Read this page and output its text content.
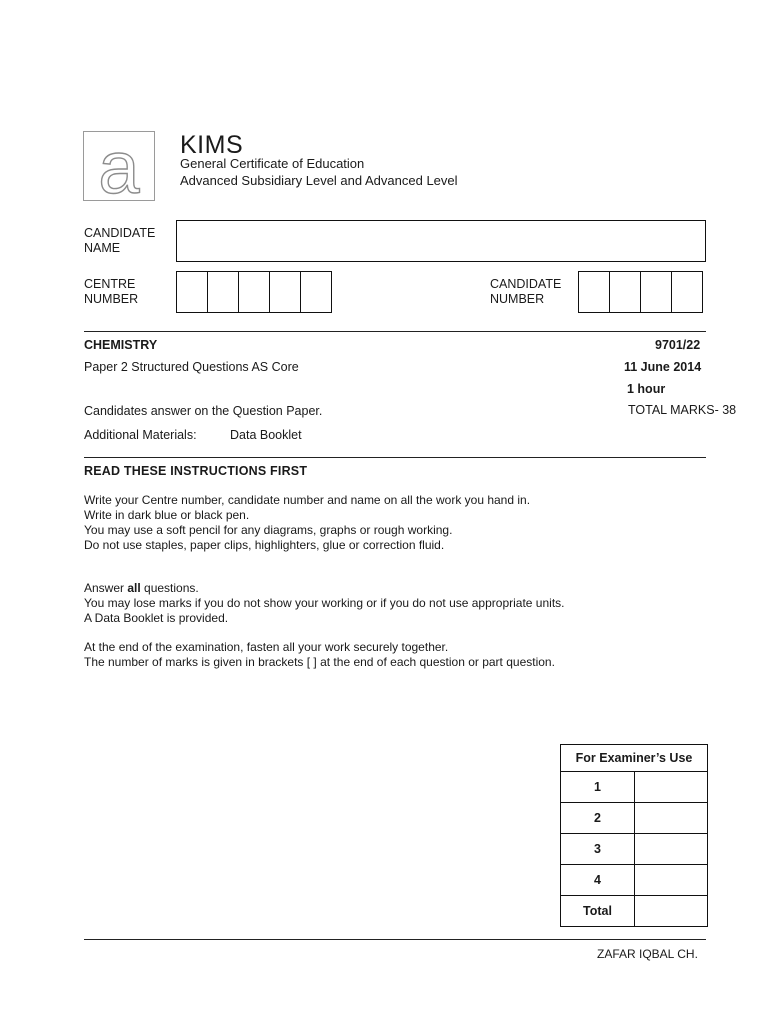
a KIMS
General Certificate of Education
Advanced Subsidiary Level and Advanced Level
CANDIDATE
NAME
CENTRE
NUMBER
CANDIDATE
NUMBER
CHEMISTRY	9701/22
Paper 2 Structured Questions AS Core	11 June 2014
1 hour
Candidates answer on the Question Paper.	TOTAL MARKS- 38
Additional Materials:	Data Booklet
READ THESE INSTRUCTIONS FIRST

Write your Centre number, candidate number and name on all the work you hand in.

Write in dark blue or black pen.

You may use a soft pencil for any diagrams, graphs or rough working.

Do not use staples, paper clips, highlighters, glue or correction fluid.

Answer all questions.

You may lose marks if you do not show your working or if you do not use appropriate units.

A Data Booklet is provided.

At the end of the examination, fasten all your work securely together.

The number of marks is given in brackets [ ] at the end of each question or part question.

For Examiner’s Use	
1	
2	
3	
4	
Total	
ZAFAR IQBAL CH.
